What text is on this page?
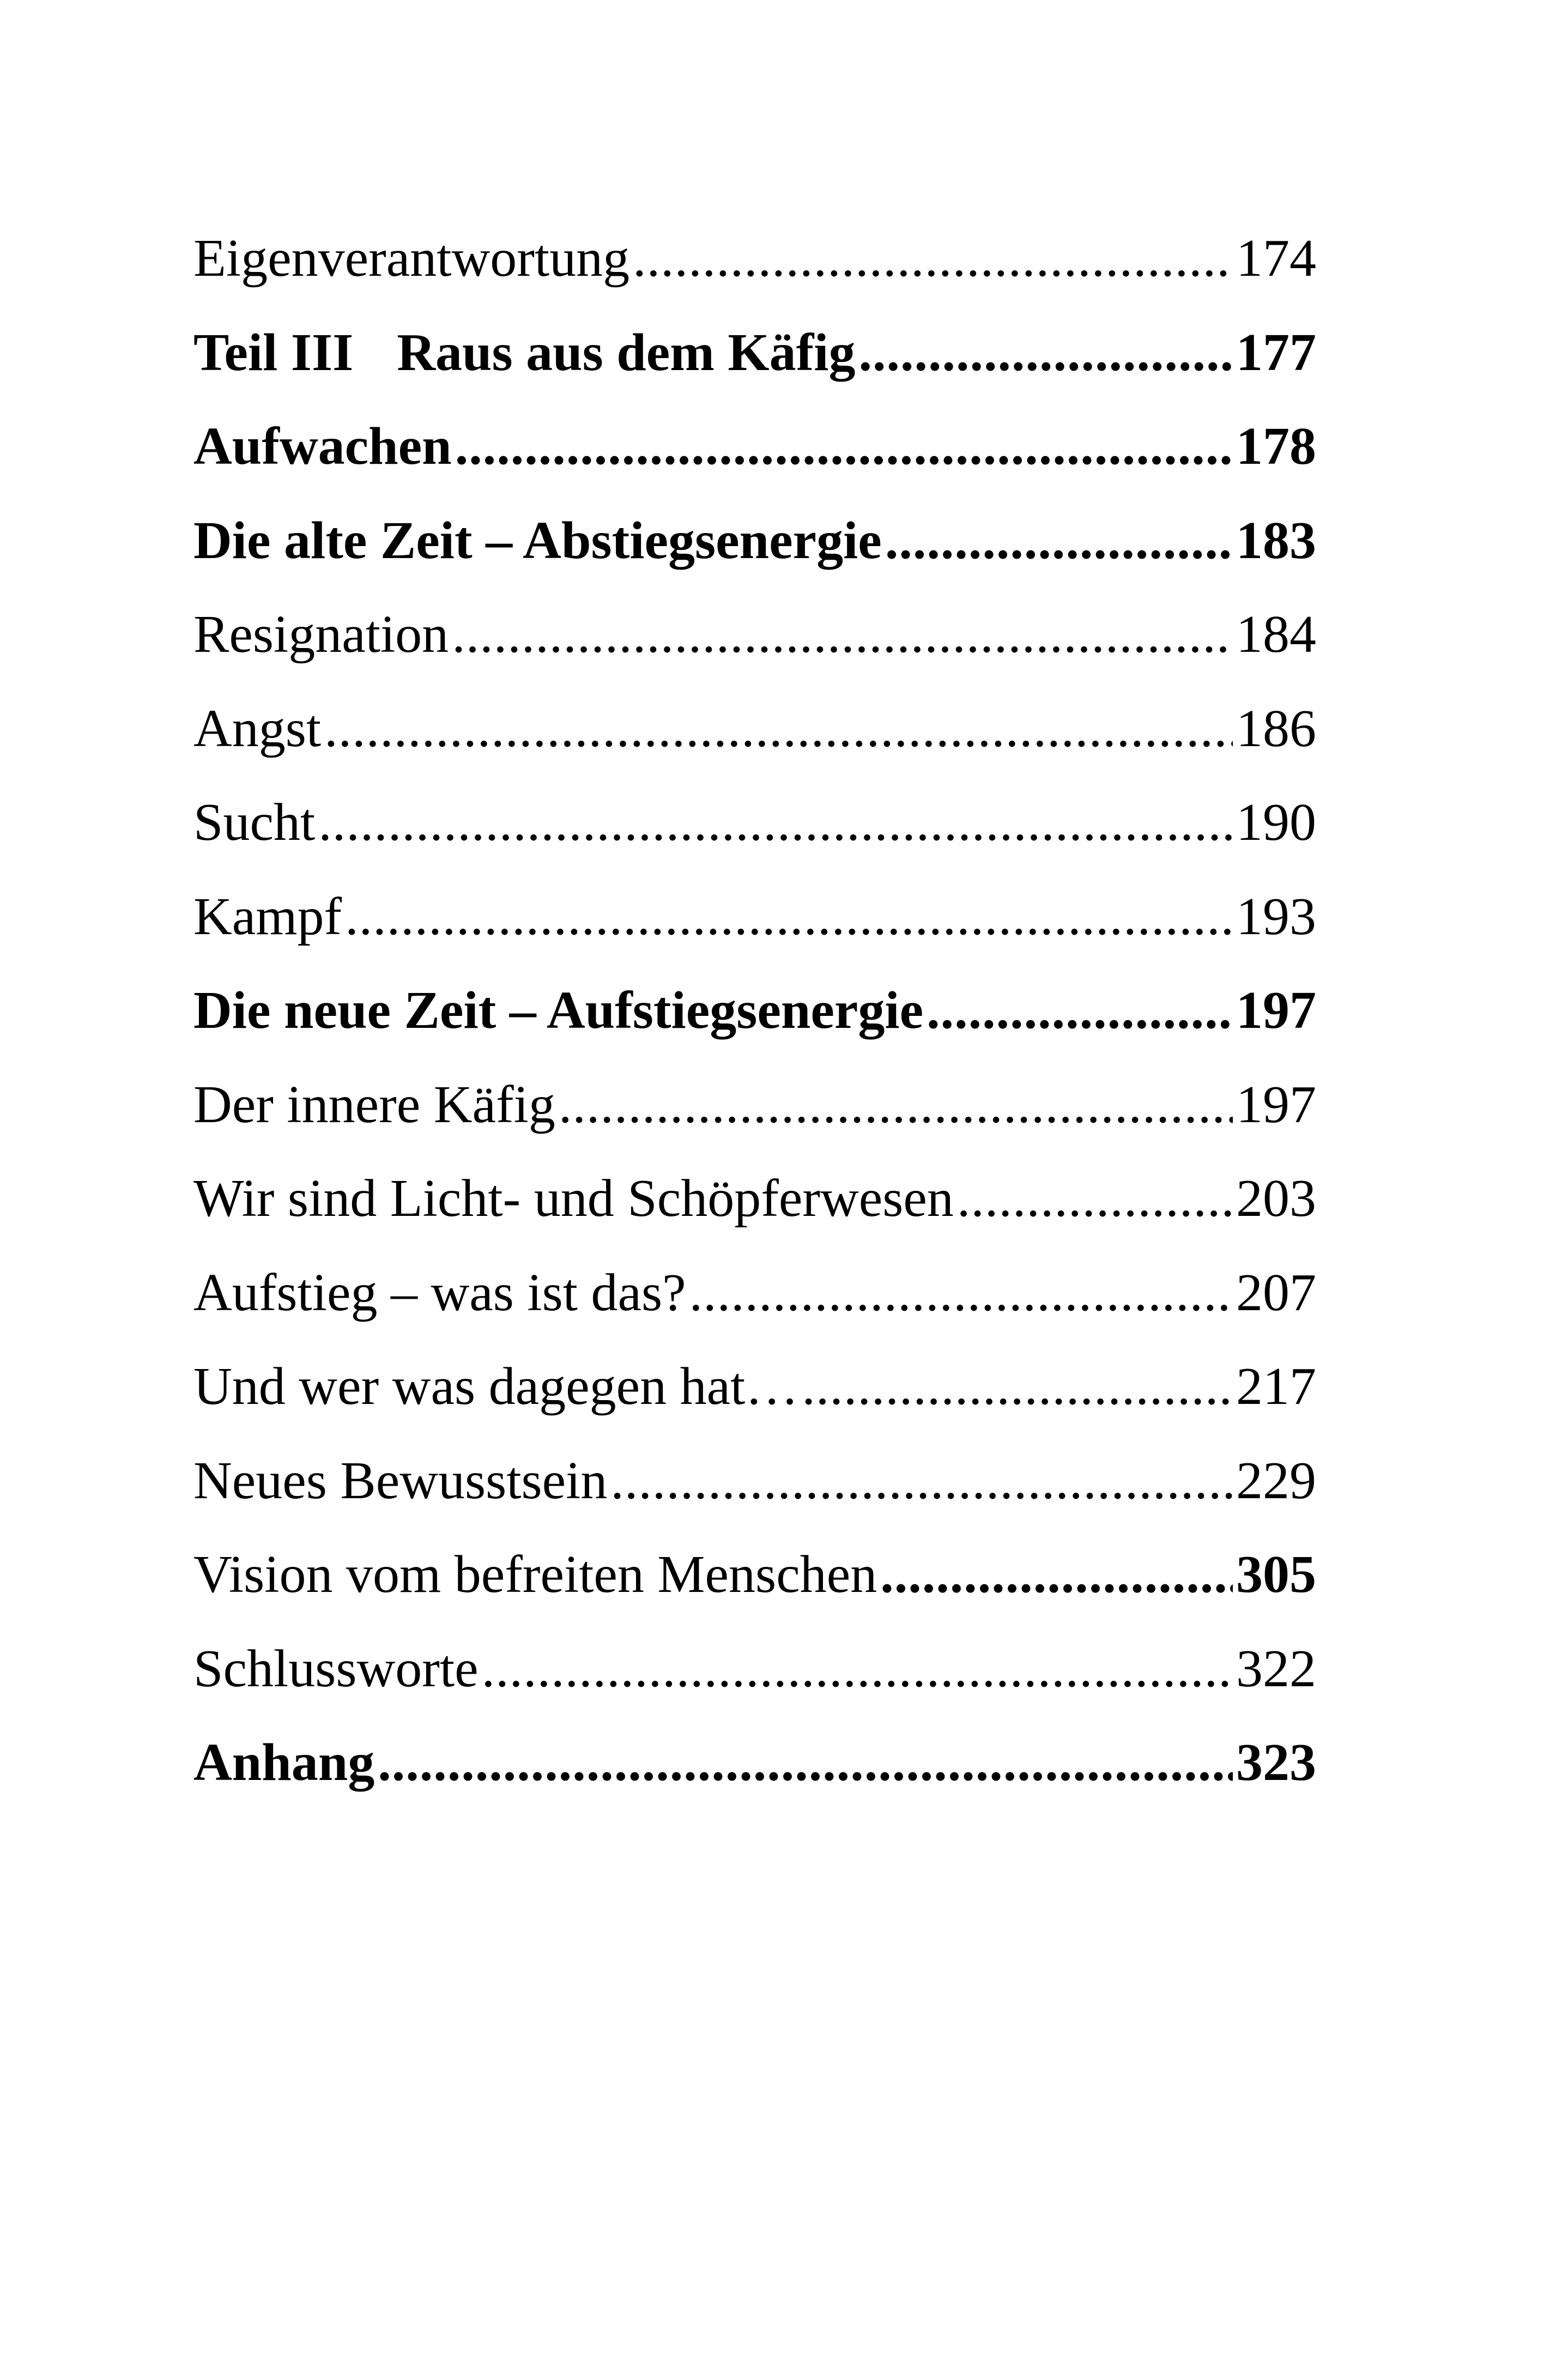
Eigenverantwortung .....	174
Teil III Raus aus dem Käfig .....	177
Aufwachen .....	178
Die alte Zeit – Abstiegsenergie .....	183
Resignation .....	184
Angst .....	186
Sucht .....	190
Kampf .....	193
Die neue Zeit – Aufstiegsenergie .....	197
Der innere Käfig .....	197
Wir sind Licht- und Schöpferwesen .....	203
Aufstieg – was ist das? .....	207
Und wer was dagegen hat… .....	217
Neues Bewusstsein .....	229
Vision vom befreiten Menschen .....	305
Schlussworte .....	322
Anhang .....	323
